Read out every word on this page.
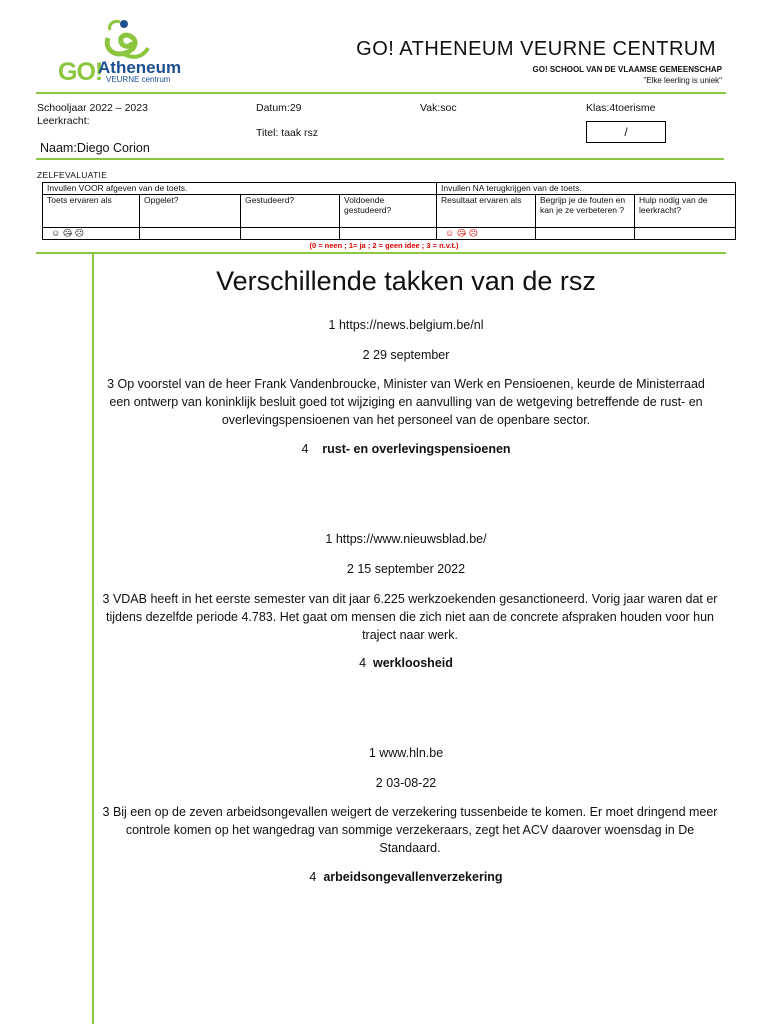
GO!
Atheneum
VEURNE centrum
GO! ATHENEUM VEURNE CENTRUM
GO! SCHOOL VAN DE VLAAMSE GEMEENSCHAP
"Elke leerling is uniek"
Schooljaar 2022 – 2023
Leerkracht:
Datum:29	Vak:soc	Klas:4toerisme
Titel: taak rsz	/
Naam:Diego Corion
ZELFEVALUATIE
Invullen VOOR afgeven van de toets.				Invullen NA terugkrijgen van de toets.		
Toets ervaren als	Opgelet?	Gestudeerd?	Voldoende gestudeerd?	Resultaat ervaren als	Begrijp je de fouten en kan je ze verbeteren ?	Hulp nodig van de leerkracht?
☺ ☹̶ ☹				☺ ☹̶ ☹		
(0 = neen ; 1= ja ; 2 = geen idee ; 3 = n.v.t.)
Verschillende takken van de rsz
1 https://news.belgium.be/nl
2 29 september
3 Op voorstel van de heer Frank Vandenbroucke, Minister van Werk en Pensioenen, keurde de Ministerraad een ontwerp van koninklijk besluit goed tot wijziging en aanvulling van de wetgeving betreffende de rust- en overlevingspensioenen van het personeel van de openbare sector.
4 rust- en overlevingspensioenen
1 https://www.nieuwsblad.be/
2 15 september 2022
3 VDAB heeft in het eerste semester van dit jaar 6.225 werkzoekenden gesanctioneerd. Vorig jaar waren dat er tijdens dezelfde periode 4.783. Het gaat om mensen die zich niet aan de concrete afspraken houden voor hun traject naar werk.
4 werkloosheid
1 www.hln.be
2 03-08-22
3 Bij een op de zeven arbeidsongevallen weigert de verzekering tussenbeide te komen. Er moet dringend meer controle komen op het wangedrag van sommige verzekeraars, zegt het ACV daarover woensdag in De Standaard.
4 arbeidsongevallenverzekering
